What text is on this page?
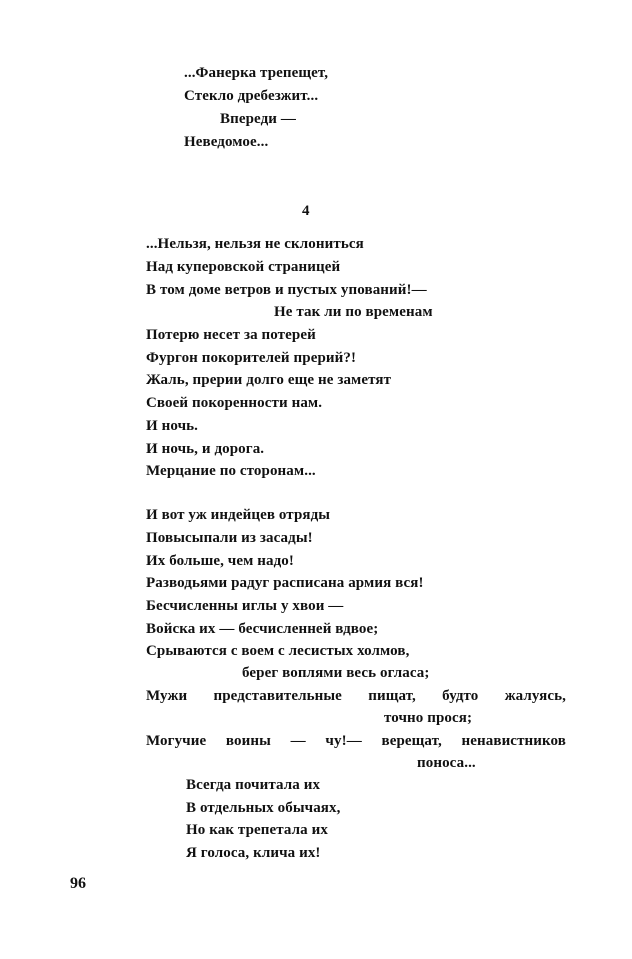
...Фанерка трепещет,
Стекло дребезжит...
Впереди —
Неведомое...
4
...Нельзя, нельзя не склониться
Над куперовской страницей
В том доме ветров и пустых упований!—
Не так ли по временам
Потерю несет за потерей
Фургон покорителей прерий?!
Жаль, прерии долго еще не заметят
Своей покоренности нам.
И ночь.
И ночь, и дорога.
Мерцание по сторонам...
И вот уж индейцев отряды
Повысыпали из засады!
Их больше, чем надо!
Разводьями радуг расписана армия вся!
Бесчисленны иглы у хвои —
Войска их — бесчисленней вдвое;
Срываются с воем с лесистых холмов,
берег воплями весь огласа;
Мужи представительные пищат, будто жалуясь,
точно прося;
Могучие воины — чу!— верещат, ненавистников
поноса...
Всегда почитала их
В отдельных обычаях,
Но как трепетала их
Я голоса, клича их!
96
